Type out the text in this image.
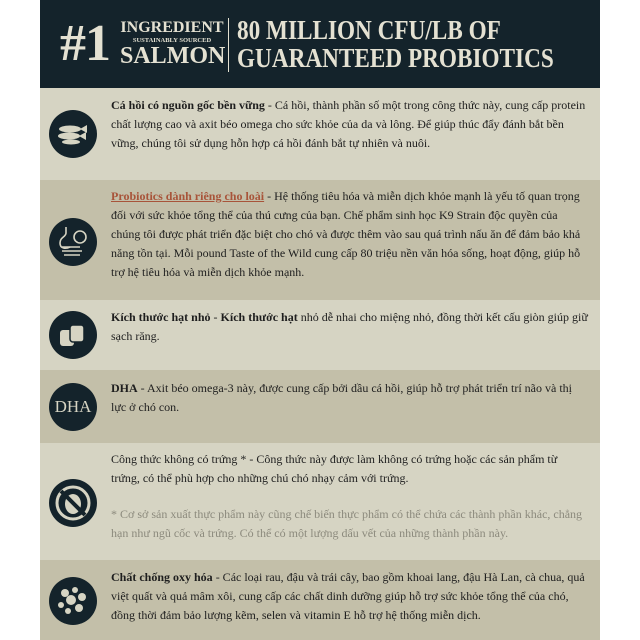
#1 INGREDIENT
SUSTAINABLY SOURCED
SALMON
80 MILLION CFU/LB OF
GUARANTEED PROBIOTICS
Cá hồi có nguồn gốc bền vững - Cá hồi, thành phần số một trong công thức này, cung cấp protein chất lượng cao và axit béo omega cho sức khỏe của da và lông. Để giúp thúc đẩy đánh bắt bền vững, chúng tôi sử dụng hỗn hợp cá hồi đánh bắt tự nhiên và nuôi.
Probiotics dành riêng cho loài - Hệ thống tiêu hóa và miễn dịch khỏe mạnh là yếu tố quan trọng đối với sức khỏe tổng thể của thú cưng của bạn. Chế phẩm sinh học K9 Strain độc quyền của chúng tôi được phát triển đặc biệt cho chó và được thêm vào sau quá trình nấu ăn để đảm bảo khả năng tồn tại. Mỗi pound Taste of the Wild cung cấp 80 triệu nền văn hóa sống, hoạt động, giúp hỗ trợ hệ tiêu hóa và miễn dịch khỏe mạnh.
Kích thước hạt nhỏ - Kích thước hạt nhỏ dễ nhai cho miệng nhỏ, đồng thời kết cấu giòn giúp giữ sạch răng.
DHA
DHA - Axit béo omega-3 này, được cung cấp bởi dầu cá hồi, giúp hỗ trợ phát triển trí não và thị lực ở chó con.
Công thức không có trứng * - Công thức này được làm không có trứng hoặc các sản phẩm từ trứng, có thể phù hợp cho những chú chó nhạy cảm với trứng.
* Cơ sở sản xuất thực phẩm này cũng chế biến thực phẩm có thể chứa các thành phần khác, chẳng hạn như ngũ cốc và trứng. Có thể có một lượng dấu vết của những thành phần này.
Chất chống oxy hóa - Các loại rau, đậu và trái cây, bao gồm khoai lang, đậu Hà Lan, cà chua, quả việt quất và quả mâm xôi, cung cấp các chất dinh dưỡng giúp hỗ trợ sức khỏe tổng thể của chó, đồng thời đảm bảo lượng kẽm, selen và vitamin E hỗ trợ hệ thống miễn dịch.
